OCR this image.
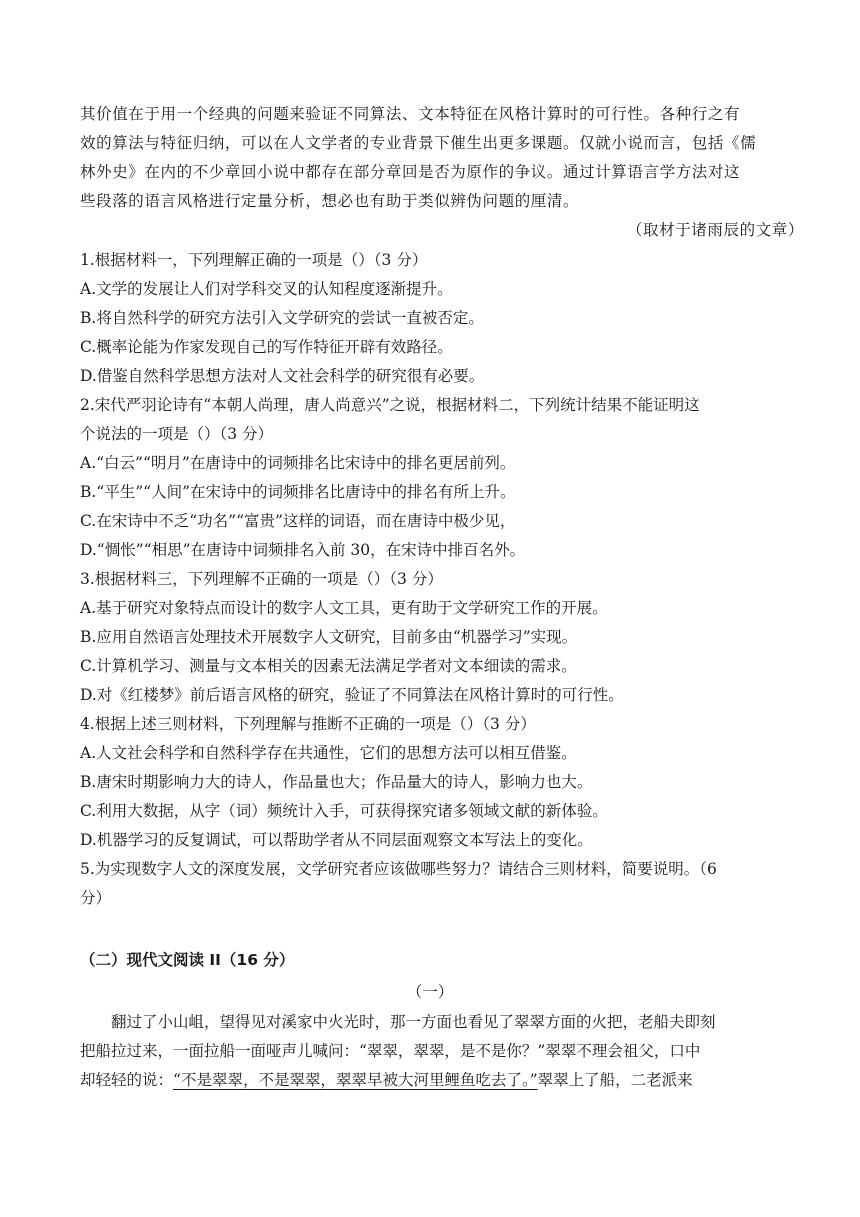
其价值在于用一个经典的问题来验证不同算法、文本特征在风格计算时的可行性。各种行之有
效的算法与特征归纳，可以在人文学者的专业背景下催生出更多课题。仅就小说而言，包括《儒
林外史》在内的不少章回小说中都存在部分章回是否为原作的争议。通过计算语言学方法对这
些段落的语言风格进行定量分析，想必也有助于类似辨伪问题的厘清。
（取材于诸雨辰的文章）
1.根据材料一，下列理解正确的一项是（）（3 分）
A.文学的发展让人们对学科交叉的认知程度逐渐提升。
B.将自然科学的研究方法引入文学研究的尝试一直被否定。
C.概率论能为作家发现自己的写作特征开辟有效路径。
D.借鉴自然科学思想方法对人文社会科学的研究很有必要。
2.宋代严羽论诗有“本朝人尚理，唐人尚意兴”之说，根据材料二，下列统计结果不能证明这
个说法的一项是（）（3 分）
A.“白云”“明月”在唐诗中的词频排名比宋诗中的排名更居前列。
B.“平生”“人间”在宋诗中的词频排名比唐诗中的排名有所上升。
C.在宋诗中不乏“功名”“富贵”这样的词语，而在唐诗中极少见，
D.“惆怅”“相思”在唐诗中词频排名入前 30，在宋诗中排百名外。
3.根据材料三，下列理解不正确的一项是（）（3 分）
A.基于研究对象特点而设计的数字人文工具，更有助于文学研究工作的开展。
B.应用自然语言处理技术开展数字人文研究，目前多由“机器学习”实现。
C.计算机学习、测量与文本相关的因素无法满足学者对文本细读的需求。
D.对《红楼梦》前后语言风格的研究，验证了不同算法在风格计算时的可行性。
4.根据上述三则材料，下列理解与推断不正确的一项是（）（3 分）
A.人文社会科学和自然科学存在共通性，它们的思想方法可以相互借鉴。
B.唐宋时期影响力大的诗人，作品量也大；作品量大的诗人，影响力也大。
C.利用大数据，从字（词）频统计入手，可获得探究诸多领域文献的新体验。
D.机器学习的反复调试，可以帮助学者从不同层面观察文本写法上的变化。
5.为实现数字人文的深度发展，文学研究者应该做哪些努力？请结合三则材料，简要说明。（6
分）
（二）现代文阅读 II（16 分）
（一）
　　翻过了小山岨，望得见对溪家中火光时，那一方面也看见了翠翠方面的火把，老船夫即刻
把船拉过来，一面拉船一面哑声儿喊问：“翠翠，翠翠，是不是你？”翠翠不理会祖父，口中
却轻轻的说：“不是翠翠，不是翠翠，翠翠早被大河里鲤鱼吃去了。”翠翠上了船，二老派来
